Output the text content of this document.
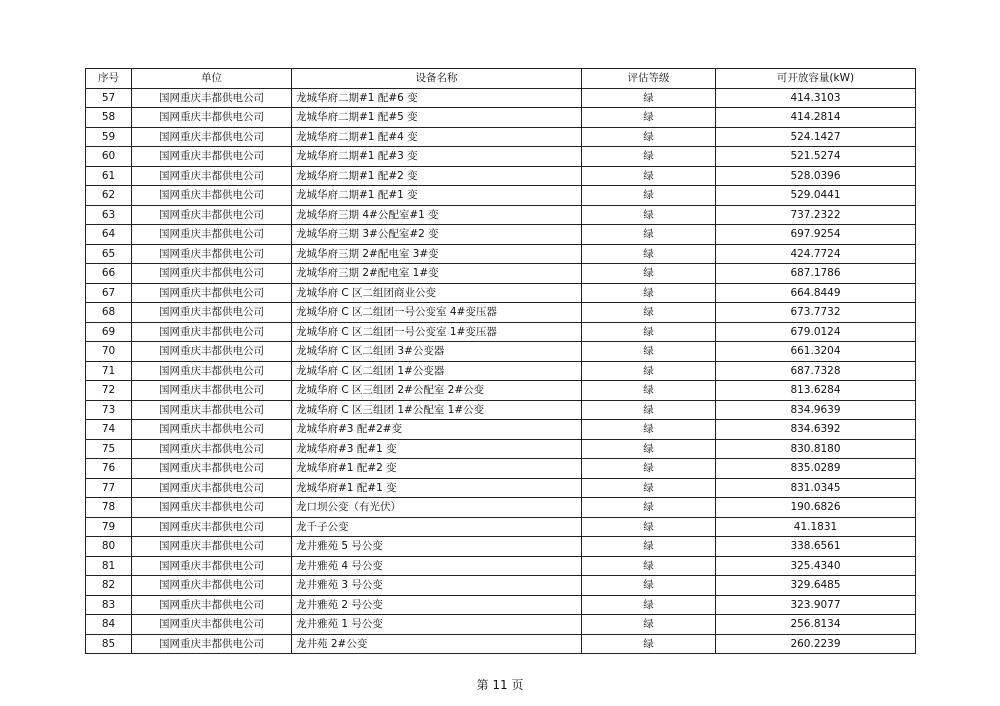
序号	单位	设备名称	评估等级	可开放容量(kW)
57	国网重庆丰都供电公司	龙城华府二期#1 配#6 变	绿	414.3103
58	国网重庆丰都供电公司	龙城华府二期#1 配#5 变	绿	414.2814
59	国网重庆丰都供电公司	龙城华府二期#1 配#4 变	绿	524.1427
60	国网重庆丰都供电公司	龙城华府二期#1 配#3 变	绿	521.5274
61	国网重庆丰都供电公司	龙城华府二期#1 配#2 变	绿	528.0396
62	国网重庆丰都供电公司	龙城华府二期#1 配#1 变	绿	529.0441
63	国网重庆丰都供电公司	龙城华府三期 4#公配室#1 变	绿	737.2322
64	国网重庆丰都供电公司	龙城华府三期 3#公配室#2 变	绿	697.9254
65	国网重庆丰都供电公司	龙城华府三期 2#配电室 3#变	绿	424.7724
66	国网重庆丰都供电公司	龙城华府三期 2#配电室 1#变	绿	687.1786
67	国网重庆丰都供电公司	龙城华府 C 区二组团商业公变	绿	664.8449
68	国网重庆丰都供电公司	龙城华府 C 区二组团一号公变室 4#变压器	绿	673.7732
69	国网重庆丰都供电公司	龙城华府 C 区二组团一号公变室 1#变压器	绿	679.0124
70	国网重庆丰都供电公司	龙城华府 C 区二组团 3#公变器	绿	661.3204
71	国网重庆丰都供电公司	龙城华府 C 区二组团 1#公变器	绿	687.7328
72	国网重庆丰都供电公司	龙城华府 C 区三组团 2#公配室 2#公变	绿	813.6284
73	国网重庆丰都供电公司	龙城华府 C 区三组团 1#公配室 1#公变	绿	834.9639
74	国网重庆丰都供电公司	龙城华府#3 配#2#变	绿	834.6392
75	国网重庆丰都供电公司	龙城华府#3 配#1 变	绿	830.8180
76	国网重庆丰都供电公司	龙城华府#1 配#2 变	绿	835.0289
77	国网重庆丰都供电公司	龙城华府#1 配#1 变	绿	831.0345
78	国网重庆丰都供电公司	龙口坝公变（有光伏）	绿	190.6826
79	国网重庆丰都供电公司	龙千子公变	绿	41.1831
80	国网重庆丰都供电公司	龙井雅苑 5 号公变	绿	338.6561
81	国网重庆丰都供电公司	龙井雅苑 4 号公变	绿	325.4340
82	国网重庆丰都供电公司	龙井雅苑 3 号公变	绿	329.6485
83	国网重庆丰都供电公司	龙井雅苑 2 号公变	绿	323.9077
84	国网重庆丰都供电公司	龙井雅苑 1 号公变	绿	256.8134
85	国网重庆丰都供电公司	龙井苑 2#公变	绿	260.2239
第 11 页
